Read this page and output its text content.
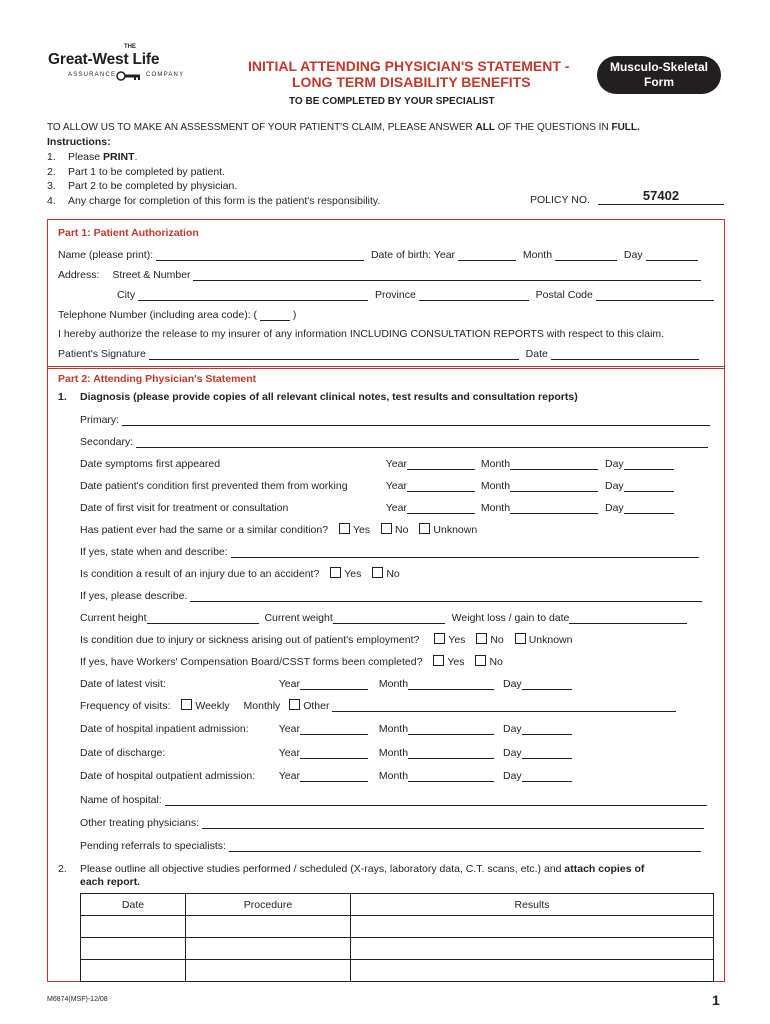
THE
Great-West Life
ASSURANCE	COMPANY
INITIAL ATTENDING PHYSICIAN'S STATEMENT -
LONG TERM DISABILITY BENEFITS
TO BE COMPLETED BY YOUR SPECIALIST
Musculo-Skeletal
Form
TO ALLOW US TO MAKE AN ASSESSMENT OF YOUR PATIENT'S CLAIM, PLEASE ANSWER ALL OF THE QUESTIONS IN FULL.
Instructions:
1. Please PRINT.
2. Part 1 to be completed by patient.
3. Part 2 to be completed by physician.
4. Any charge for completion of this form is the patient's responsibility.	POLICY NO.	57402
Part 1: Patient Authorization
Name (please print):	Date of birth: Year	Month	Day
Address: Street & Number
City	Province	Postal Code
Telephone Number (including area code): (	)
I hereby authorize the release to my insurer of any information INCLUDING CONSULTATION REPORTS with respect to this claim.
Patient's Signature	Date
Part 2: Attending Physician's Statement
1. Diagnosis (please provide copies of all relevant clinical notes, test results and consultation reports)
Primary:
Secondary:
Date symptoms first appeared	Year	Month	Day
Date patient's condition first prevented them from working	Year	Month	Day
Date of first visit for treatment or consultation	Year	Month	Day
Has patient ever had the same or a similar condition? Yes No Unknown
If yes, state when and describe:
Is condition a result of an injury due to an accident? Yes No
If yes, please describe.
Current height	Current weight	Weight loss / gain to date
Is condition due to injury or sickness arising out of patient's employment?	Yes No Unknown
If yes, have Workers' Compensation Board/CSST forms been completed? Yes No
Date of latest visit:	Year	Month	Day
Frequency of visits: Weekly Monthly Other
Date of hospital inpatient admission:	Year	Month	Day
Date of discharge:	Year	Month	Day
Date of hospital outpatient admission: Year	Month	Day
Name of hospital:
Other treating physicians:
Pending referrals to specialists:
2. Please outline all objective studies performed / scheduled (X-rays, laboratory data, C.T. scans, etc.) and attach copies of
each report.
Date	Procedure	Results

M6874(MSF)-12/08	1
